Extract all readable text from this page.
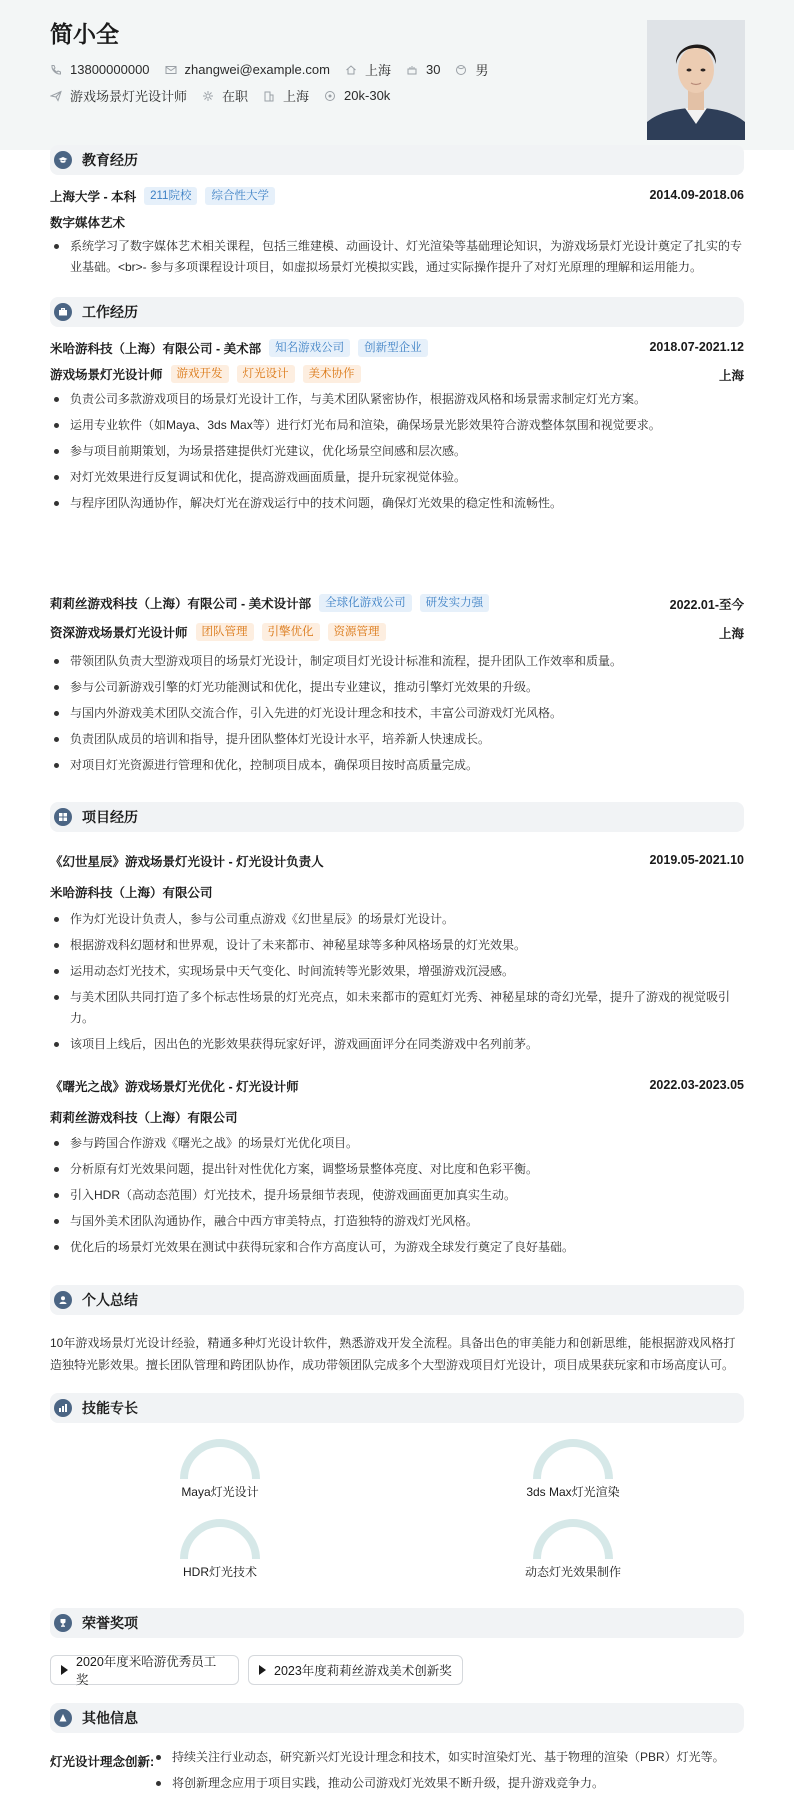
简小全
13800000000	zhangwei@example.com	上海	30	男
游戏场景灯光设计师	在职	上海	20k-30k
教育经历
上海大学 - 本科	211院校	综合性大学	2014.09-2018.06
数字媒体艺术
系统学习了数字媒体艺术相关课程，包括三维建模、动画设计、灯光渲染等基础理论知识，为游戏场景灯光设计奠定了扎实的专业基础。<br>- 参与多项课程设计项目，如虚拟场景灯光模拟实践，通过实际操作提升了对灯光原理的理解和运用能力。
工作经历
米哈游科技（上海）有限公司 - 美术部	知名游戏公司	创新型企业	2018.07-2021.12
游戏场景灯光设计师	游戏开发	灯光设计	美术协作	上海
负责公司多款游戏项目的场景灯光设计工作，与美术团队紧密协作，根据游戏风格和场景需求制定灯光方案。
运用专业软件（如Maya、3ds Max等）进行灯光布局和渲染，确保场景光影效果符合游戏整体氛围和视觉要求。
参与项目前期策划，为场景搭建提供灯光建议，优化场景空间感和层次感。
对灯光效果进行反复调试和优化，提高游戏画面质量，提升玩家视觉体验。
与程序团队沟通协作，解决灯光在游戏运行中的技术问题，确保灯光效果的稳定性和流畅性。
莉莉丝游戏科技（上海）有限公司 - 美术设计部	全球化游戏公司	研发实力强	2022.01-至今
资深游戏场景灯光设计师	团队管理	引擎优化	资源管理	上海
带领团队负责大型游戏项目的场景灯光设计，制定项目灯光设计标准和流程，提升团队工作效率和质量。
参与公司新游戏引擎的灯光功能测试和优化，提出专业建议，推动引擎灯光效果的升级。
与国内外游戏美术团队交流合作，引入先进的灯光设计理念和技术，丰富公司游戏灯光风格。
负责团队成员的培训和指导，提升团队整体灯光设计水平，培养新人快速成长。
对项目灯光资源进行管理和优化，控制项目成本，确保项目按时高质量完成。
项目经历
《幻世星辰》游戏场景灯光设计 - 灯光设计负责人	2019.05-2021.10
米哈游科技（上海）有限公司
作为灯光设计负责人，参与公司重点游戏《幻世星辰》的场景灯光设计。
根据游戏科幻题材和世界观，设计了未来都市、神秘星球等多种风格场景的灯光效果。
运用动态灯光技术，实现场景中天气变化、时间流转等光影效果，增强游戏沉浸感。
与美术团队共同打造了多个标志性场景的灯光亮点，如未来都市的霓虹灯光秀、神秘星球的奇幻光晕，提升了游戏的视觉吸引力。
该项目上线后，因出色的光影效果获得玩家好评，游戏画面评分在同类游戏中名列前茅。
《曙光之战》游戏场景灯光优化 - 灯光设计师	2022.03-2023.05
莉莉丝游戏科技（上海）有限公司
参与跨国合作游戏《曙光之战》的场景灯光优化项目。
分析原有灯光效果问题，提出针对性优化方案，调整场景整体亮度、对比度和色彩平衡。
引入HDR（高动态范围）灯光技术，提升场景细节表现，使游戏画面更加真实生动。
与国外美术团队沟通协作，融合中西方审美特点，打造独特的游戏灯光风格。
优化后的场景灯光效果在测试中获得玩家和合作方高度认可，为游戏全球发行奠定了良好基础。
个人总结
10年游戏场景灯光设计经验，精通多种灯光设计软件，熟悉游戏开发全流程。具备出色的审美能力和创新思维，能根据游戏风格打造独特光影效果。擅长团队管理和跨团队协作，成功带领团队完成多个大型游戏项目灯光设计，项目成果获玩家和市场高度认可。
技能专长
Maya灯光设计	3ds Max灯光渲染
HDR灯光技术	动态灯光效果制作
荣誉奖项
2020年度米哈游优秀员工奖
2023年度莉莉丝游戏美术创新奖
其他信息
灯光设计理念创新:	持续关注行业动态，研究新兴灯光设计理念和技术，如实时渲染灯光、基于物理的渲染（PBR）灯光等。
将创新理念应用于项目实践，推动公司游戏灯光效果不断升级，提升游戏竞争力。
